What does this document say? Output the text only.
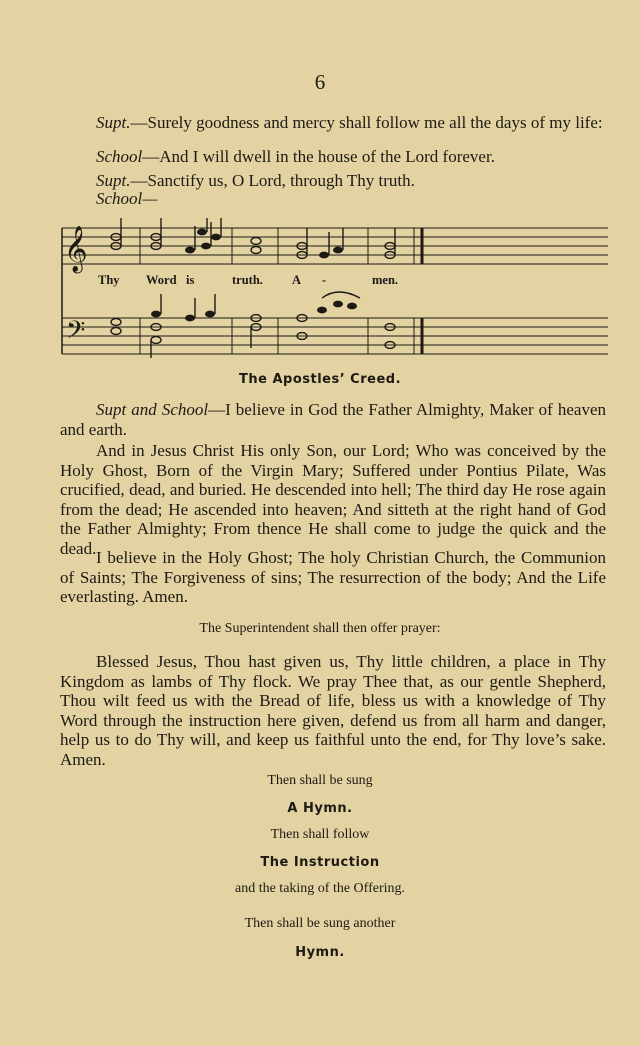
6
Supt.—Surely goodness and mercy shall follow me all the days of my life:
School—And I will dwell in the house of the Lord forever.
Supt.—Sanctify us, O Lord, through Thy truth.
School—
𝄞
𝄢
Thy Word is	truth. A -	men.
The Apostles’ Creed.
Supt and School—I believe in God the Father Almighty, Maker of heaven and earth.
And in Jesus Christ His only Son, our Lord; Who was conceived by the Holy Ghost, Born of the Virgin Mary; Suffered under Pontius Pilate, Was crucified, dead, and buried. He descended into hell; The third day He rose again from the dead; He ascended into heaven; And sitteth at the right hand of God the Father Almighty; From thence He shall come to judge the quick and the dead. I believe in the Holy Ghost; The holy Christian Church, the Communion of Saints; The Forgiveness of sins; The resurrection of the body; And the Life everlasting. Amen.
The Superintendent shall then offer prayer:
Blessed Jesus, Thou hast given us, Thy little children, a place in Thy Kingdom as lambs of Thy flock. We pray Thee that, as our gentle Shepherd, Thou wilt feed us with the Bread of life, bless us with a knowledge of Thy Word through the instruction here given, defend us from all harm and danger, help us to do Thy will, and keep us faithful unto the end, for Thy love’s sake. Amen.
Then shall be sung
A Hymn.
Then shall follow
The Instruction
and the taking of the Offering.
Then shall be sung another
Hymn.
